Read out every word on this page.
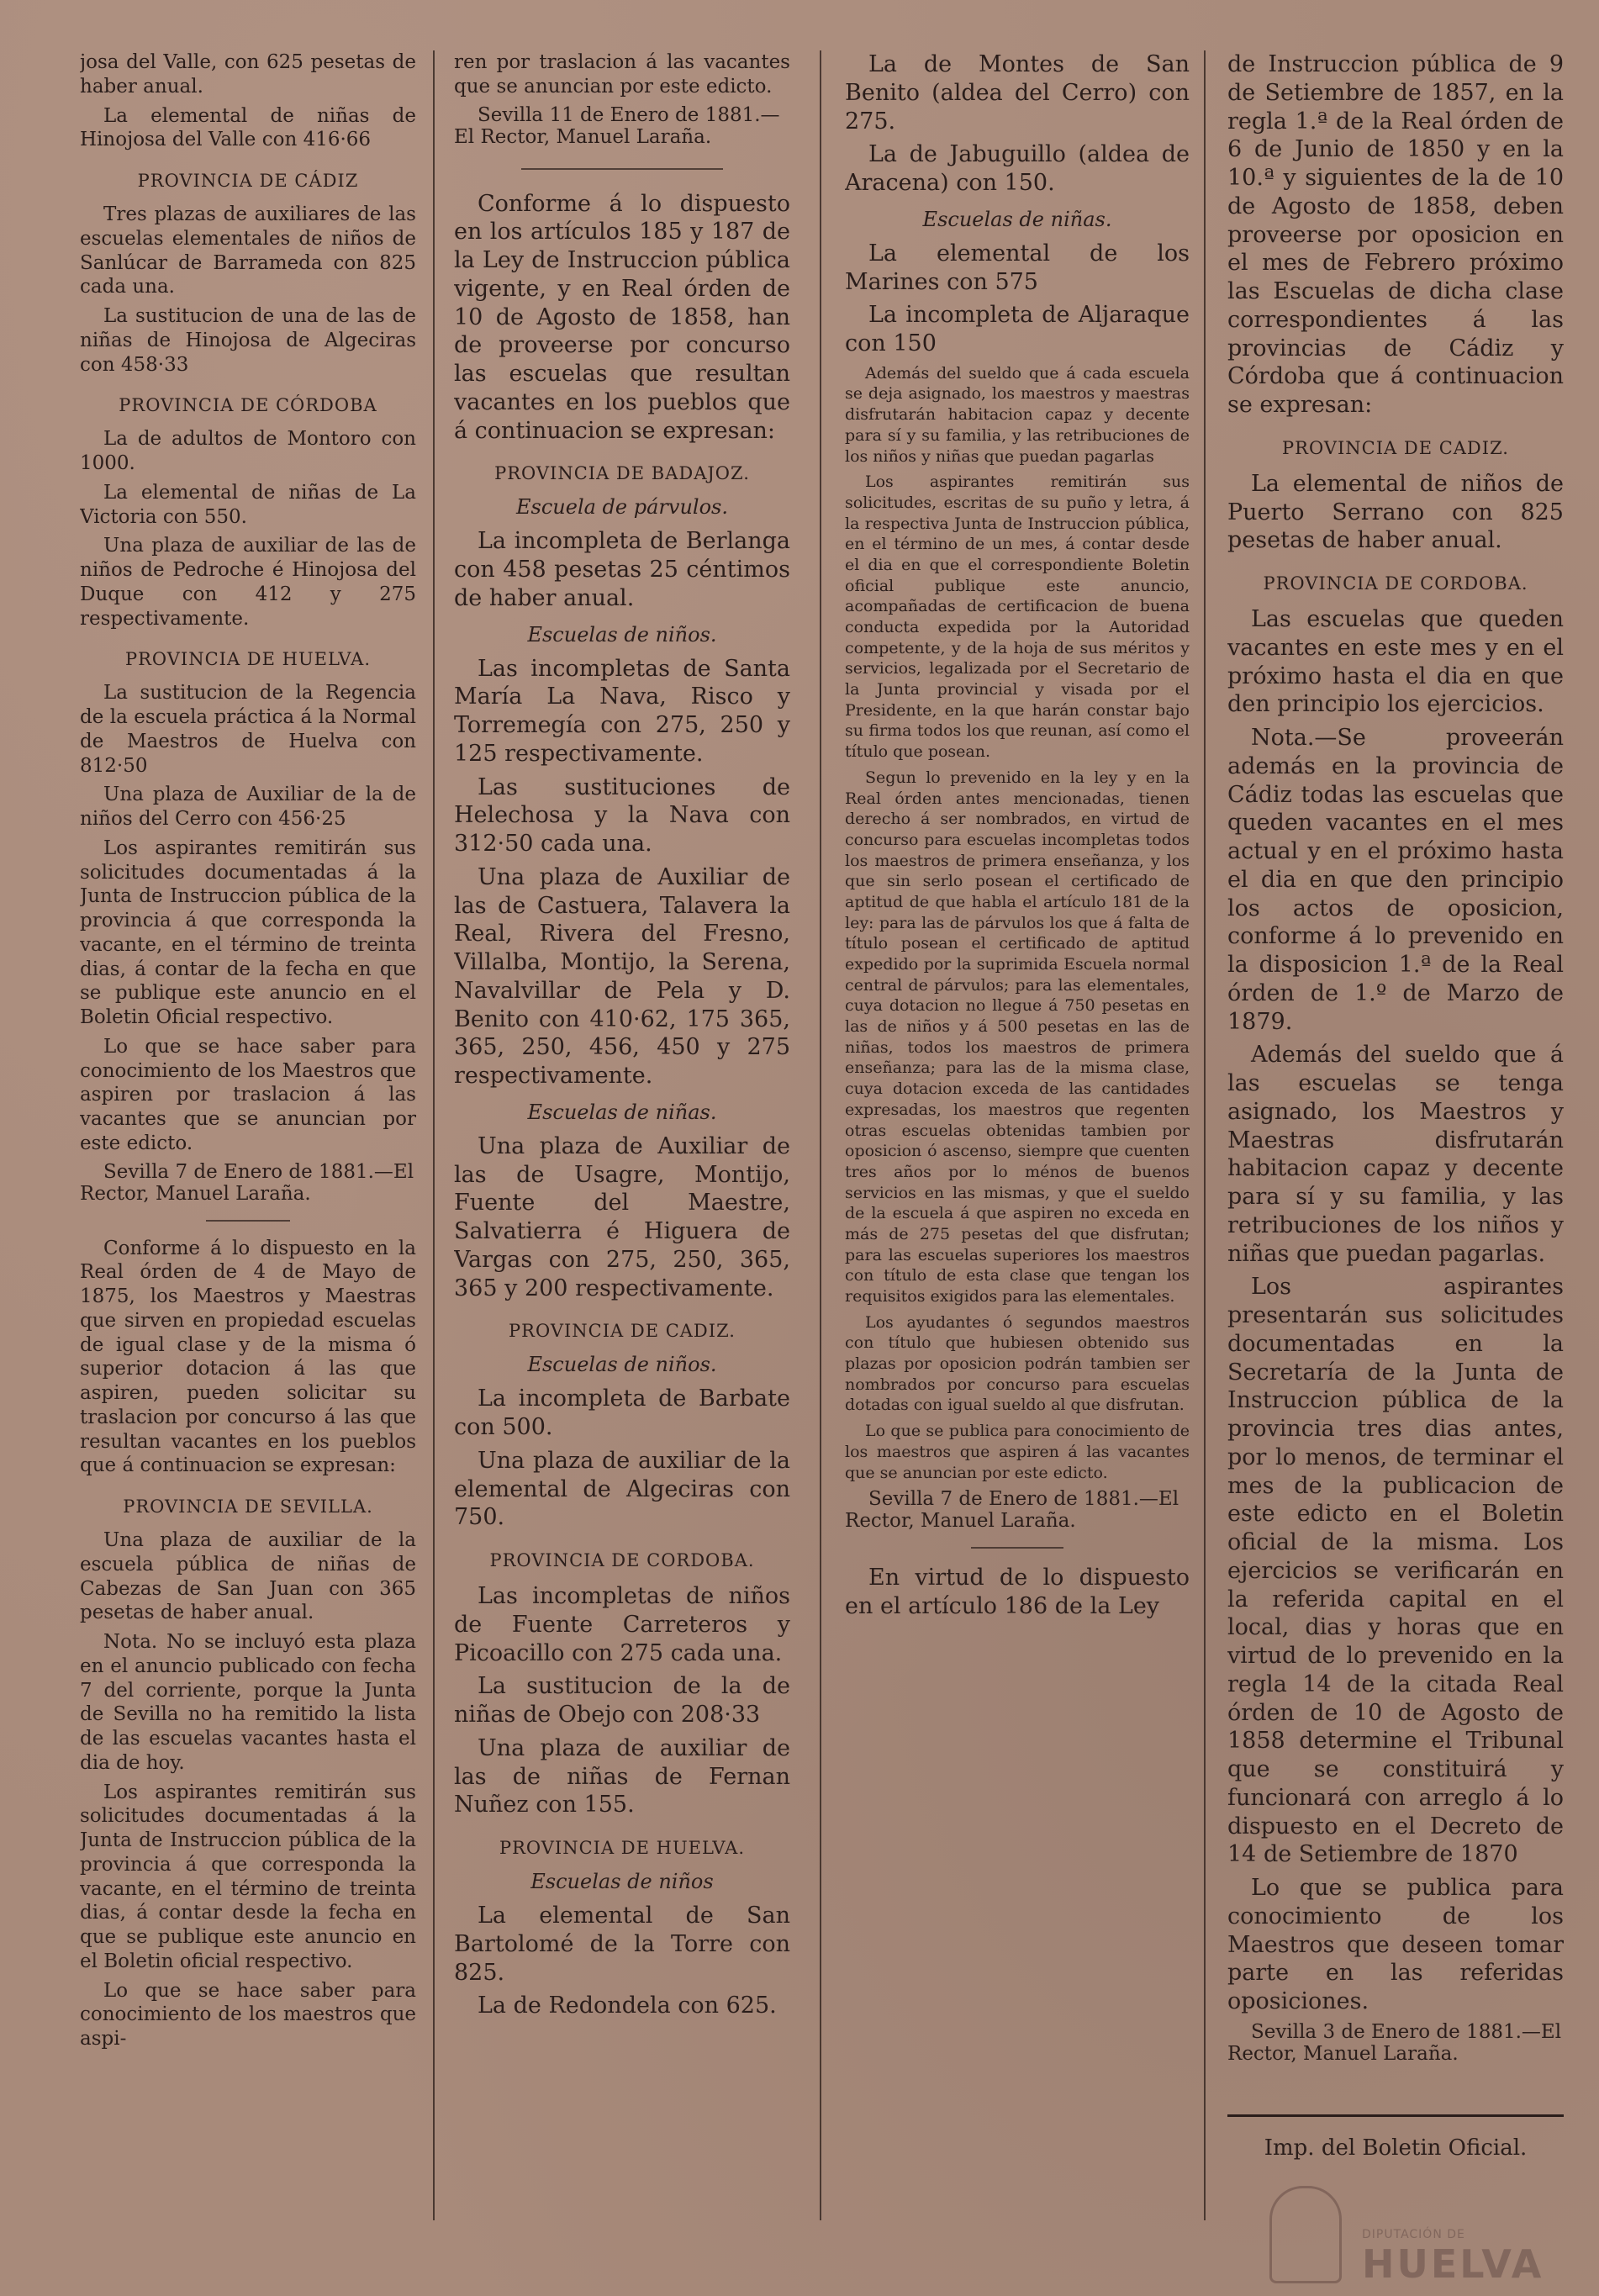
josa del Valle, con 625 pesetas de haber anual.

La elemental de niñas de Hinojosa del Valle con 416·66

PROVINCIA DE CÁDIZ

Tres plazas de auxiliares de las escuelas elementales de niños de Sanlúcar de Barrameda con 825 cada una.

La sustitucion de una de las de niñas de Hinojosa de Algeciras con 458·33

PROVINCIA DE CÓRDOBA

La de adultos de Montoro con 1000.

La elemental de niñas de La Victoria con 550.

Una plaza de auxiliar de las de niños de Pedroche é Hinojosa del Duque con 412 y 275 respectivamente.

PROVINCIA DE HUELVA.

La sustitucion de la Regencia de la escuela práctica á la Normal de Maestros de Huelva con 812·50

Una plaza de Auxiliar de la de niños del Cerro con 456·25

Los aspirantes remitirán sus solicitudes documentadas á la Junta de Instruccion pública de la provincia á que corresponda la vacante, en el término de treinta dias, á contar de la fecha en que se publique este anuncio en el Boletin Oficial respectivo.

Lo que se hace saber para conocimiento de los Maestros que aspiren por traslacion á las vacantes que se anuncian por este edicto.

Sevilla 7 de Enero de 1881.—El Rector, Manuel Laraña.

Conforme á lo dispuesto en la Real órden de 4 de Mayo de 1875, los Maestros y Maestras que sirven en propiedad escuelas de igual clase y de la misma ó superior dotacion á las que aspiren, pueden solicitar su traslacion por concurso á las que resultan vacantes en los pueblos que á continuacion se expresan:

PROVINCIA DE SEVILLA.

Una plaza de auxiliar de la escuela pública de niñas de Cabezas de San Juan con 365 pesetas de haber anual.

Nota. No se incluyó esta plaza en el anuncio publicado con fecha 7 del corriente, porque la Junta de Sevilla no ha remitido la lista de las escuelas vacantes hasta el dia de hoy.

Los aspirantes remitirán sus solicitudes documentadas á la Junta de Instruccion pública de la provincia á que corresponda la vacante, en el término de treinta dias, á contar desde la fecha en que se publique este anuncio en el Boletin oficial respectivo.

Lo que se hace saber para conocimiento de los maestros que aspi-

ren por traslacion á las vacantes que se anuncian por este edicto.

Sevilla 11 de Enero de 1881.—El Rector, Manuel Laraña.

Conforme á lo dispuesto en los artículos 185 y 187 de la Ley de Instruccion pública vigente, y en Real órden de 10 de Agosto de 1858, han de proveerse por concurso las escuelas que resultan vacantes en los pueblos que á continuacion se expresan:

PROVINCIA DE BADAJOZ.
Escuela de párvulos.

La incompleta de Berlanga con 458 pesetas 25 céntimos de haber anual.

Escuelas de niños.

Las incompletas de Santa María La Nava, Risco y Torremegía con 275, 250 y 125 respectivamente.

Las sustituciones de Helechosa y la Nava con 312·50 cada una.

Una plaza de Auxiliar de las de Castuera, Talavera la Real, Rivera del Fresno, Villalba, Montijo, la Serena, Navalvillar de Pela y D. Benito con 410·62, 175 365, 365, 250, 456, 450 y 275 respectivamente.

Escuelas de niñas.

Una plaza de Auxiliar de las de Usagre, Montijo, Fuente del Maestre, Salvatierra é Higuera de Vargas con 275, 250, 365, 365 y 200 respectivamente.

PROVINCIA DE CADIZ.
Escuelas de niños.

La incompleta de Barbate con 500.

Una plaza de auxiliar de la elemental de Algeciras con 750.

PROVINCIA DE CORDOBA.

Las incompletas de niños de Fuente Carreteros y Picoacillo con 275 cada una.

La sustitucion de la de niñas de Obejo con 208·33

Una plaza de auxiliar de las de niñas de Fernan Nuñez con 155.

PROVINCIA DE HUELVA.
Escuelas de niños

La elemental de San Bartolomé de la Torre con 825.

La de Redondela con 625.

La de Montes de San Benito (aldea del Cerro) con 275.

La de Jabuguillo (aldea de Aracena) con 150.

Escuelas de niñas.

La elemental de los Marines con 575

La incompleta de Aljaraque con 150

Además del sueldo que á cada escuela se deja asignado, los maestros y maestras disfrutarán habitacion capaz y decente para sí y su familia, y las retribuciones de los niños y niñas que puedan pagarlas

Los aspirantes remitirán sus solicitudes, escritas de su puño y letra, á la respectiva Junta de Instruccion pública, en el término de un mes, á contar desde el dia en que el correspondiente Boletin oficial publique este anuncio, acompañadas de certificacion de buena conducta expedida por la Autoridad competente, y de la hoja de sus méritos y servicios, legalizada por el Secretario de la Junta provincial y visada por el Presidente, en la que harán constar bajo su firma todos los que reunan, así como el título que posean.

Segun lo prevenido en la ley y en la Real órden antes mencionadas, tienen derecho á ser nombrados, en virtud de concurso para escuelas incompletas todos los maestros de primera enseñanza, y los que sin serlo posean el certificado de aptitud de que habla el artículo 181 de la ley: para las de párvulos los que á falta de título posean el certificado de aptitud expedido por la suprimida Escuela normal central de párvulos; para las elementales, cuya dotacion no llegue á 750 pesetas en las de niños y á 500 pesetas en las de niñas, todos los maestros de primera enseñanza; para las de la misma clase, cuya dotacion exceda de las cantidades expresadas, los maestros que regenten otras escuelas obtenidas tambien por oposicion ó ascenso, siempre que cuenten tres años por lo ménos de buenos servicios en las mismas, y que el sueldo de la escuela á que aspiren no exceda en más de 275 pesetas del que disfrutan; para las escuelas superiores los maestros con título de esta clase que tengan los requisitos exigidos para las elementales.

Los ayudantes ó segundos maestros con título que hubiesen obtenido sus plazas por oposicion podrán tambien ser nombrados por concurso para escuelas dotadas con igual sueldo al que disfrutan.

Lo que se publica para conocimiento de los maestros que aspiren á las vacantes que se anuncian por este edicto.

Sevilla 7 de Enero de 1881.—El Rector, Manuel Laraña.

En virtud de lo dispuesto en el artículo 186 de la Ley

de Instruccion pública de 9 de Setiembre de 1857, en la regla 1.ª de la Real órden de 6 de Junio de 1850 y en la 10.ª y siguientes de la de 10 de Agosto de 1858, deben proveerse por oposicion en el mes de Febrero próximo las Escuelas de dicha clase correspondientes á las provincias de Cádiz y Córdoba que á continuacion se expresan:

PROVINCIA DE CADIZ.

La elemental de niños de Puerto Serrano con 825 pesetas de haber anual.

PROVINCIA DE CORDOBA.

Las escuelas que queden vacantes en este mes y en el próximo hasta el dia en que den principio los ejercicios.

Nota.—Se proveerán además en la provincia de Cádiz todas las escuelas que queden vacantes en el mes actual y en el próximo hasta el dia en que den principio los actos de oposicion, conforme á lo prevenido en la disposicion 1.ª de la Real órden de 1.º de Marzo de 1879.

Además del sueldo que á las escuelas se tenga asignado, los Maestros y Maestras disfrutarán habitacion capaz y decente para sí y su familia, y las retribuciones de los niños y niñas que puedan pagarlas.

Los aspirantes presentarán sus solicitudes documentadas en la Secretaría de la Junta de Instruccion pública de la provincia tres dias antes, por lo menos, de terminar el mes de la publicacion de este edicto en el Boletin oficial de la misma. Los ejercicios se verificarán en la referida capital en el local, dias y horas que en virtud de lo prevenido en la regla 14 de la citada Real órden de 10 de Agosto de 1858 determine el Tribunal que se constituirá y funcionará con arreglo á lo dispuesto en el Decreto de 14 de Setiembre de 1870

Lo que se publica para conocimiento de los Maestros que deseen tomar parte en las referidas oposiciones.

Sevilla 3 de Enero de 1881.—El Rector, Manuel Laraña.

Imp. del Boletin Oficial.
DIPUTACIÓN DE
HUELVA
